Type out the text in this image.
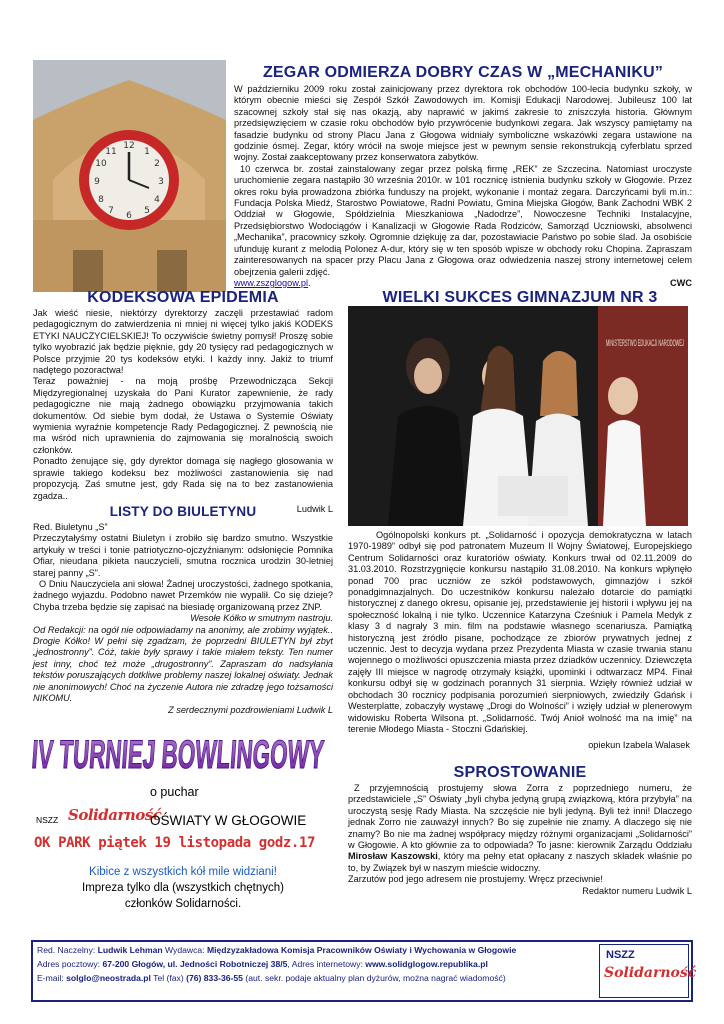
12
3
6
9
1
2
4
5
7
8
10
11
ZEGAR ODMIERZA DOBRY CZAS W „MECHANIKU”

W październiku 2009 roku został zainicjowany przez dyrektora rok obchodów 100-lecia budynku szkoły, w którym obecnie mieści się Zespół Szkół Zawodowych im. Komisji Edukacji Narodowej. Jubileusz 100 lat szacownej szkoły stał się nas okazją, aby naprawić w jakimś zakresie to zniszczyła historia. Głównym przedsięwzięciem w czasie roku obchodów było przywrócenie budynkowi zegara. Jak wszyscy pamiętamy na fasadzie budynku od strony Placu Jana z Głogowa widniały symboliczne wskazówki zegara ustawione na godzinie ósmej. Zegar, który wrócił na swoje miejsce jest w pewnym sensie rekonstrukcją cyferblatu sprzed wojny. Został zaakceptowany przez konserwatora zabytków.

10 czerwca br. został zainstalowany zegar przez polską firmę „REK” ze Szczecina. Natomiast uroczyste uruchomienie zegara nastąpiło 30 września 2010r. w 101 rocznicę istnienia budynku szkoły w Głogowie. Przez okres roku była prowadzona zbiórka funduszy na projekt, wykonanie i montaż zegara. Darczyńcami byli m.in.: Fundacja Polska Miedź, Starostwo Powiatowe, Radni Powiatu, Gmina Miejska Głogów, Bank Zachodni WBK 2 Oddział w Głogowie, Spółdzielnia Mieszkaniowa „Nadodrze”, Nowoczesne Techniki Instalacyjne, Przedsiębiorstwo Wodociągów i Kanalizacji w Głogowie Rada Rodziców, Samorząd Uczniowski, absolwenci „Mechanika”, pracownicy szkoły. Ogromnie dziękuję za dar, pozostawiacie Państwo po sobie ślad. Ja osobiście ufunduję kurant z melodią Polonez A-dur, który się w ten sposób wpisze w obchody roku Chopina. Zapraszam zainteresowanych na spacer przy Placu Jana z Głogowa oraz odwiedzenia naszej strony internetowej celem obejrzenia galerii zdjęć.

www.zszglogow.pl.	CWC

KODEKSOWA EPIDEMIA

Jak wieść niesie, niektórzy dyrektorzy zaczęli przestawiać radom pedagogicznym do zatwierdzenia ni mniej ni więcej tylko jakiś KODEKS ETYKI NAUCZYCIELSKIEJ! To oczywiście świetny pomysł! Proszę sobie tylko wyobrazić jak będzie pięknie, gdy 20 tysięcy rad pedagogicznych w Polsce przyjmie 20 tys kodeksów etyki. I każdy inny. Jakiż to triumf nadętego pozoractwa!

Teraz poważniej - na moją prośbę Przewodnicząca Sekcji Międzyregionalnej uzyskała do Pani Kurator zapewnienie, że rady pedagogiczne nie mają żadnego obowiązku przyjmowania takich dokumentów. Od siebie bym dodał, że Ustawa o Systemie Oświaty wymienia wyraźnie kompetencje Rady Pedagogicznej. Z pewnością nie ma wśród nich uprawnienia do zajmowania się moralnością swoich członków.

Ponadto żenujące się, gdy dyrektor domaga się nagłego głosowania w sprawie takiego kodeksu bez możliwości zastanowienia się nad propozycją. Zaś smutne jest, gdy Rada się na to bez zastanowienia zgadza..

Ludwik L

LISTY DO BIULETYNU

Red. Biuletynu „S”

Przeczytałyśmy ostatni Biuletyn i zrobiło się bardzo smutno. Wszystkie artykuły w treści i tonie patriotyczno-ojczyźnianym: odsłonięcie Pomnika Ofiar, nieudana pikieta nauczycieli, smutna rocznica urodzin 30-letniej starej panny „S”.

O Dniu Nauczyciela ani słowa! Żadnej uroczystości, żadnego spotkania, żadnego wyjazdu. Podobno nawet Przemków nie wypalił. Co się dzieje? Chyba trzeba będzie się zapisać na biesiadę organizowaną przez ZNP.

Wesołe Kółko w smutnym nastroju.

Od Redakcji: na ogół nie odpowiadamy na anonimy, ale zrobimy wyjątek.. Drogie Kółko! W pełni się zgadzam, że poprzedni BIULETYN był zbyt „jednostronny”. Cóż, takie były sprawy i takie miałem teksty. Ten numer jest inny, choć też może „drugostronny”. Zapraszam do nadsyłania tekstów poruszających dotkliwe problemy naszej lokalnej oświaty. Jednak nie anonimowych! Choć na życzenie Autora nie zdradzę jego tożsamości NIKOMU.

Z serdecznymi pozdrowieniami Ludwik L

IV TURNIEJ BOWLINGOWY
o puchar
NSZZ Solidarność
OŚWIATY W GŁOGOWIE
OK PARK piątek 19 listopada godz.17
Kibice z wszystkich kół mile widziani!
Impreza tylko dla (wszystkich chętnych)
członków Solidarności.
WIELKI SUKCES GIMNAZJUM NR 3
MINISTERSTWO EDUKACJI NARODOWEJ

Ogólnopolski konkurs pt. „Solidarność i opozycja demokratyczna w latach 1970-1989” odbył się pod patronatem Muzeum II Wojny Światowej, Europejskiego Centrum Solidarności oraz kuratoriów oświaty. Konkurs trwał od 02.11.2009 do 31.03.2010. Rozstrzygnięcie konkursu nastąpiło 31.08.2010. Na konkurs wpłynęło ponad 700 prac uczniów ze szkół podstawowych, gimnazjów i szkół ponadgimnazjalnych. Do uczestników konkursu należało dotarcie do pamiątki historycznej z danego okresu, opisanie jej, przedstawienie jej historii i wpływu jej na społeczność lokalną i nie tylko. Uczennice Katarzyna Cześniuk i Pamela Medyk z klasy 3 d nagrały 3 min. film na podstawie własnego scenariusza. Pamiątką historyczną jest źródło pisane, pochodzące ze zbiorów prywatnych jednej z uczennic. Jest to decyzja wydana przez Prezydenta Miasta w czasie trwania stanu wojennego o możliwości opuszczenia miasta przez dziadków uczennicy. Dziewczęta zajęły III miejsce w nagrodę otrzymały książki, upominki i odtwarzacz MP4. Finał konkursu odbył się w godzinach porannych 31 sierpnia. Wzięły również udział w obchodach 30 rocznicy podpisania porozumień sierpniowych, zwiedziły Gdańsk i Westerplatte, zobaczyły wystawę „Drogi do Wolności” i wzięły udział w plenerowym widowisku Roberta Wilsona pt. „Solidarność. Twój Anioł wolność ma na imię” na terenie Młodego Miasta - Stoczni Gdańskiej.

opiekun Izabela Walasek

SPROSTOWANIE

Z przyjemnością prostujemy słowa Zorra z poprzedniego numeru, że przedstawiciele „S” Oświaty „byli chyba jedyną grupą związkową, która przybyła” na uroczystą sesję Rady Miasta. Na szczęście nie byli jedyną. Byli też inni! Dlaczego jednak Zorro nie zauważył innych? Bo się zupełnie nie znamy. A dlaczego się nie znamy? Bo nie ma żadnej współpracy między różnymi organizacjami „Solidarności” w Głogowie. A kto głównie za to odpowiada? To jasne: kierownik Zarządu Oddziału Mirosław Kaszowski, który ma pełny etat opłacany z naszych składek właśnie po to, by Związek był w naszym mieście widoczny.

Zarzutów pod jego adresem nie prostujemy. Wręcz przeciwnie!

Redaktor numeru Ludwik L

Red. Naczelny: Ludwik Lehman Wydawca: Międzyzakładowa Komisja Pracowników Oświaty i Wychowania w Głogowie
Adres pocztowy: 67-200 Głogów, ul. Jedności Robotniczej 38/5, Adres internetowy: www.solidglogow.republika.pl
E-mail: solglo@neostrada.pl Tel (fax) (76) 833-36-55 (aut. sekr. podaje aktualny plan dyżurów, można nagrać wiadomość)
NSZZ
Solidarność
